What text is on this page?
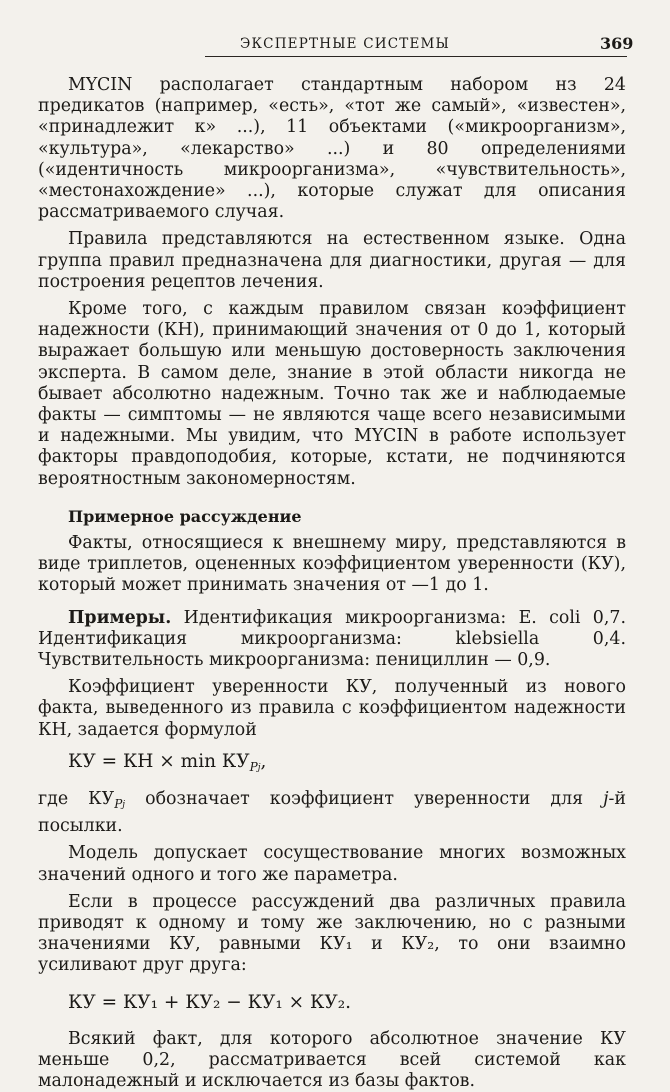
ЭКСПЕРТНЫЕ СИСТЕМЫ	369

MYCIN располагает стандартным набором нз 24 предикатов (например, «есть», «тот же самый», «известен», «принадлежит к» ...), 11 объектами («микроорганизм», «культура», «лекарство» ...) и 80 определениями («идентичность микроорганизма», «чувствительность», «местонахождение» ...), которые служат для описания рассматриваемого случая.

Правила представляются на естественном языке. Одна группа правил предназначена для диагностики, другая — для построения рецептов лечения.

Кроме того, с каждым правилом связан коэффициент надежности (КН), принимающий значения от 0 до 1, который выражает большую или меньшую достоверность заключения эксперта. В самом деле, знание в этой области никогда не бывает абсолютно надежным. Точно так же и наблюдаемые факты — симптомы — не являются чаще всего независимыми и надежными. Мы увидим, что MYCIN в работе использует факторы правдоподобия, которые, кстати, не подчиняются вероятностным закономерностям.

Примерное рассуждение

Факты, относящиеся к внешнему миру, представляются в виде триплетов, оцененных коэффициентом уверенности (КУ), который может принимать значения от —1 до 1.

Примеры. Идентификация микроорганизма: E. coli 0,7. Идентификация микроорганизма: klebsiella 0,4. Чувствительность микроорганизма: пенициллин — 0,9.

Коэффициент уверенности КУ, полученный из нового факта, выведенного из правила с коэффициентом надежности КН, задается формулой

КУ = КН × $\min КУ_Pj$,

где $КУ_Pj$ обозначает коэффициент уверенности для j-й посылки.

Модель допускает сосуществование многих возможных значений одного и того же параметра.

Если в процессе рассуждений два различных правила приводят к одному и тому же заключению, но с разными значениями КУ, равными КУ₁ и КУ₂, то они взаимно усиливают друг друга:

КУ = КУ₁ + КУ₂ − КУ₁ × КУ₂.

Всякий факт, для которого абсолютное значение КУ меньше 0,2, рассматривается всей системой как малонадежный и исключается из базы фактов.
